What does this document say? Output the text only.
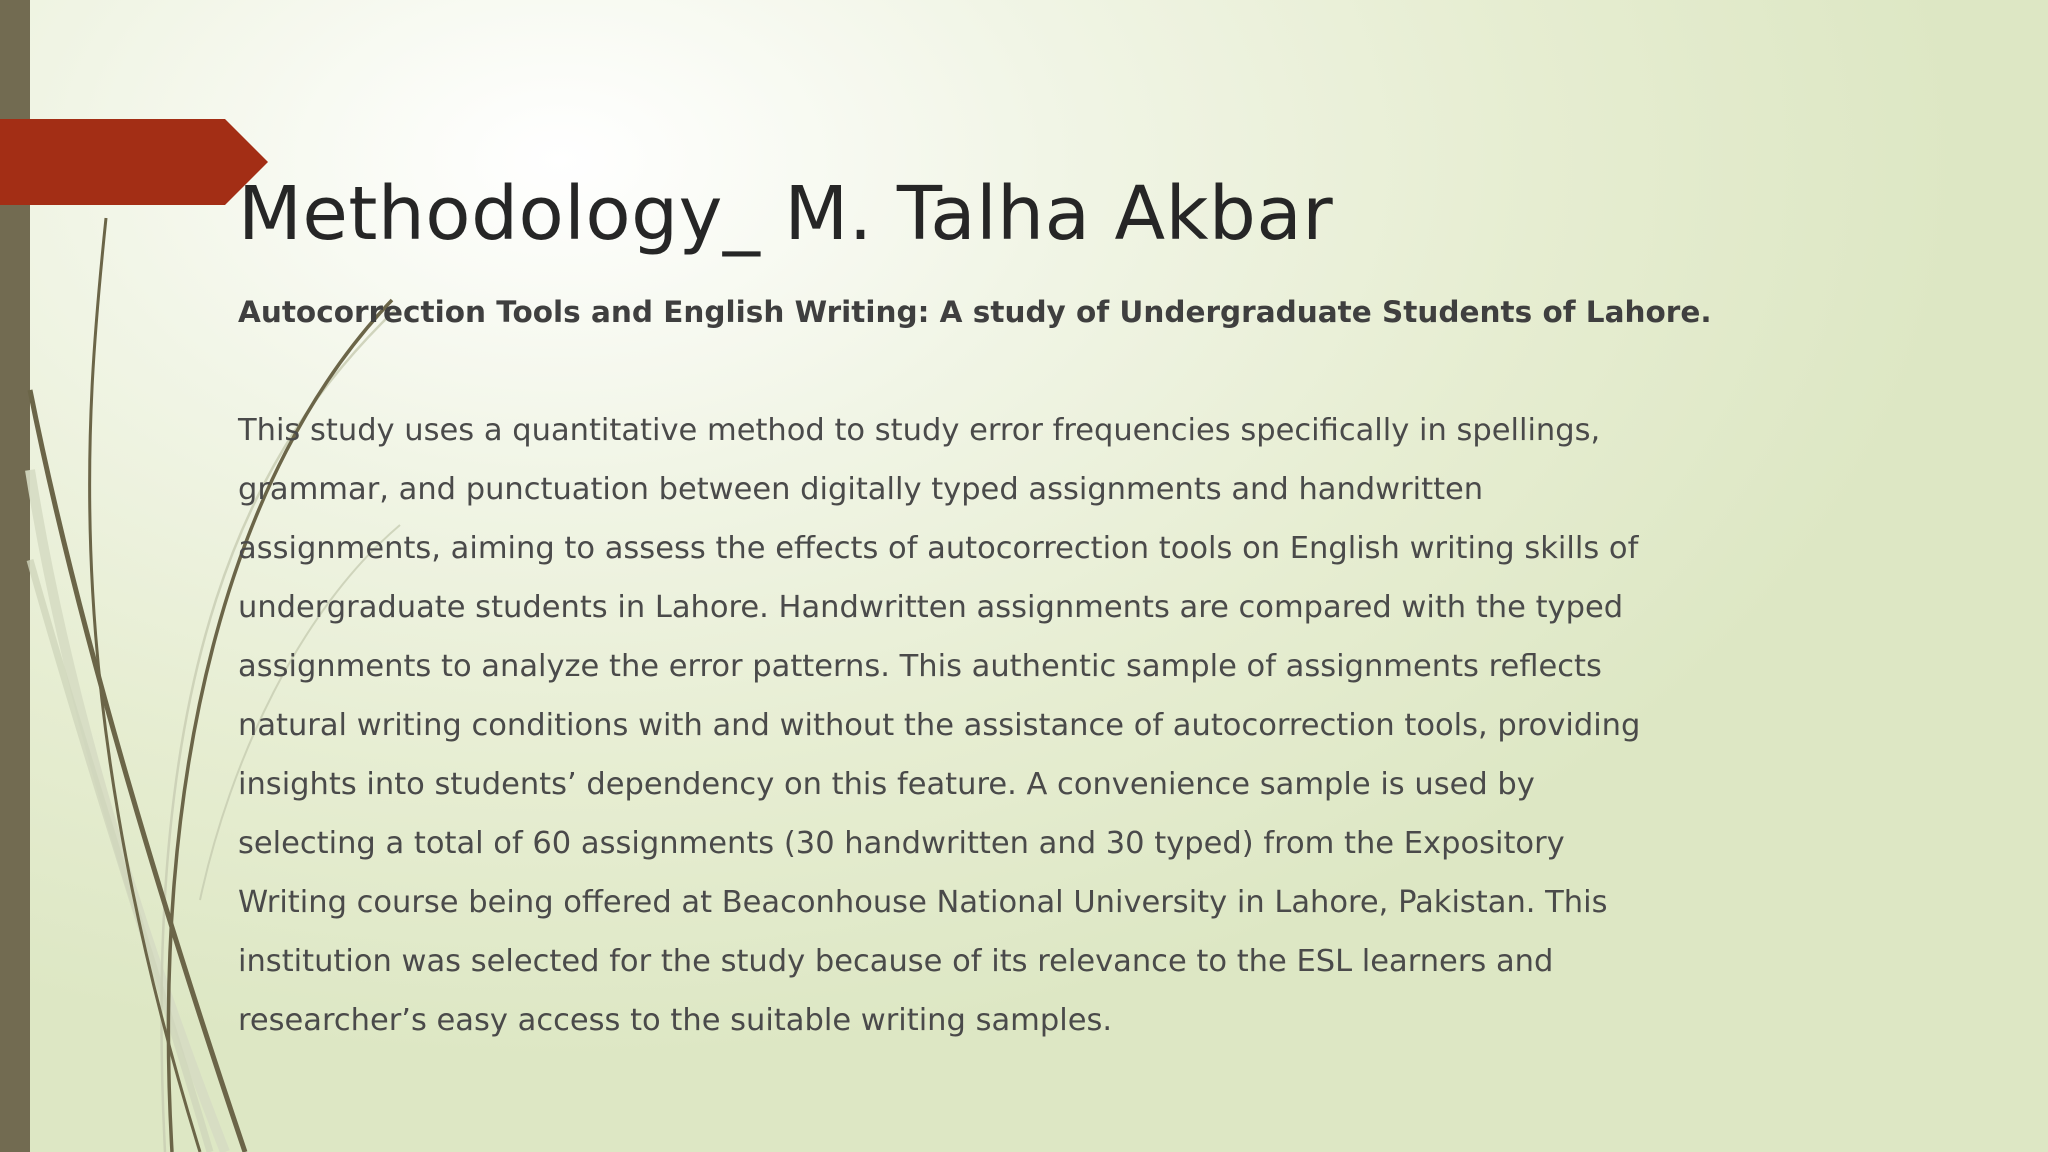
Methodology_ M. Talha Akbar

Autocorrection Tools and English Writing: A study of Undergraduate Students of Lahore.

This study uses a quantitative method to study error frequencies specifically in spellings,
grammar, and punctuation between digitally typed assignments and handwritten
assignments, aiming to assess the effects of autocorrection tools on English writing skills of
undergraduate students in Lahore. Handwritten assignments are compared with the typed
assignments to analyze the error patterns. This authentic sample of assignments reflects
natural writing conditions with and without the assistance of autocorrection tools, providing
insights into students’ dependency on this feature. A convenience sample is used by
selecting a total of 60 assignments (30 handwritten and 30 typed) from the Expository
Writing course being offered at Beaconhouse National University in Lahore, Pakistan. This
institution was selected for the study because of its relevance to the ESL learners and
researcher’s easy access to the suitable writing samples.
